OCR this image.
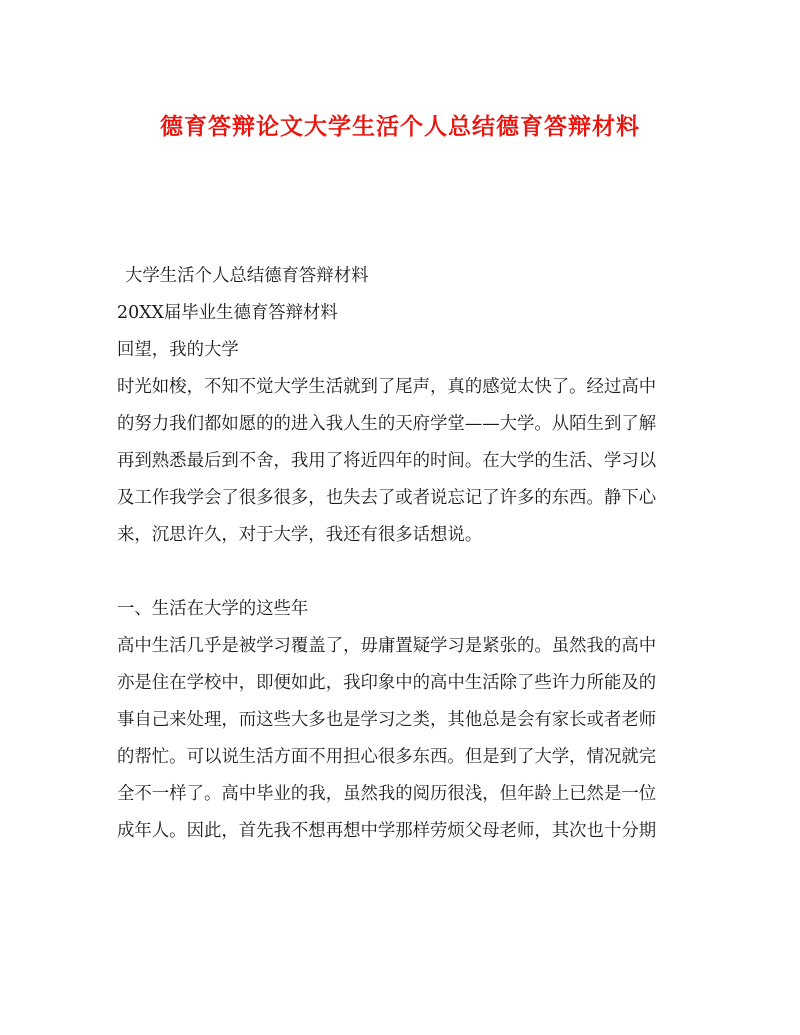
德育答辩论文大学生活个人总结德育答辩材料

大学生活个人总结德育答辩材料

20XX届毕业生德育答辩材料

回望，我的大学

时光如梭，不知不觉大学生活就到了尾声，真的感觉太快了。经过高中

的努力我们都如愿的的进入我人生的天府学堂——大学。从陌生到了解

再到熟悉最后到不舍，我用了将近四年的时间。在大学的生活、学习以

及工作我学会了很多很多，也失去了或者说忘记了许多的东西。静下心

来，沉思许久，对于大学，我还有很多话想说。

一、生活在大学的这些年

高中生活几乎是被学习覆盖了，毋庸置疑学习是紧张的。虽然我的高中

亦是住在学校中，即便如此，我印象中的高中生活除了些许力所能及的

事自己来处理，而这些大多也是学习之类，其他总是会有家长或者老师

的帮忙。可以说生活方面不用担心很多东西。但是到了大学，情况就完

全不一样了。高中毕业的我，虽然我的阅历很浅，但年龄上已然是一位

成年人。因此，首先我不想再想中学那样劳烦父母老师，其次也十分期
